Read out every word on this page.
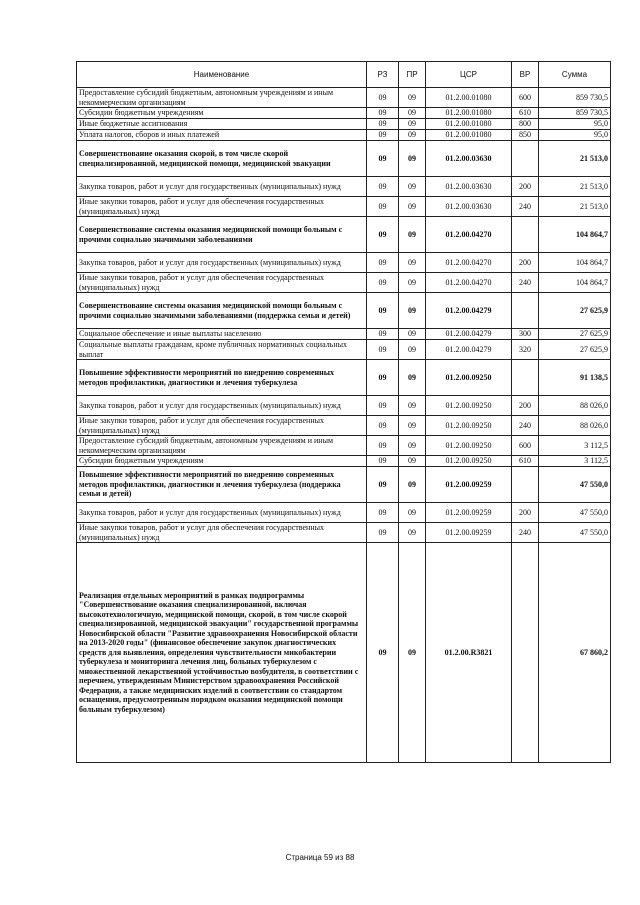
Наименование	РЗ	ПР	ЦСР	ВР	Сумма
Предоставление субсидий бюджетным, автономным учреждениям и иным некоммерческим организациям	09	09	01.2.00.01080	600	859 730,5
Субсидии бюджетным учреждениям	09	09	01.2.00.01080	610	859 730,5
Иные бюджетные ассигнования	09	09	01.2.00.01080	800	95,0
Уплата налогов, сборов и иных платежей	09	09	01.2.00.01080	850	95,0
Совершенствование оказания скорой, в том числе скорой специализированной, медицинской помощи, медицинской эвакуации	09	09	01.2.00.03630		21 513,0
Закупка товаров, работ и услуг для государственных (муниципальных) нужд	09	09	01.2.00.03630	200	21 513,0
Иные закупки товаров, работ и услуг для обеспечения государственных (муниципальных) нужд	09	09	01.2.00.03630	240	21 513,0
Совершенствование системы оказания медицинской помощи больным с прочими социально значимыми заболеваниями	09	09	01.2.00.04270		104 864,7
Закупка товаров, работ и услуг для государственных (муниципальных) нужд	09	09	01.2.00.04270	200	104 864,7
Иные закупки товаров, работ и услуг для обеспечения государственных (муниципальных) нужд	09	09	01.2.00.04270	240	104 864,7
Совершенствование системы оказания медицинской помощи больным с прочими социально значимыми заболеваниями (поддержка семьи и детей)	09	09	01.2.00.04279		27 625,9
Социальное обеспечение и иные выплаты населению	09	09	01.2.00.04279	300	27 625,9
Социальные выплаты гражданам, кроме публичных нормативных социальных выплат	09	09	01.2.00.04279	320	27 625,9
Повышение эффективности мероприятий по внедрению современных методов профилактики, диагностики и лечения туберкулеза	09	09	01.2.00.09250		91 138,5
Закупка товаров, работ и услуг для государственных (муниципальных) нужд	09	09	01.2.00.09250	200	88 026,0
Иные закупки товаров, работ и услуг для обеспечения государственных (муниципальных) нужд	09	09	01.2.00.09250	240	88 026,0
Предоставление субсидий бюджетным, автономным учреждениям и иным некоммерческим организациям	09	09	01.2.00.09250	600	3 112,5
Субсидии бюджетным учреждениям	09	09	01.2.00.09250	610	3 112,5
Повышение эффективности мероприятий по внедрению современных методов профилактики, диагностики и лечения туберкулеза (поддержка семьи и детей)	09	09	01.2.00.09259		47 550,0
Закупка товаров, работ и услуг для государственных (муниципальных) нужд	09	09	01.2.00.09259	200	47 550,0
Иные закупки товаров, работ и услуг для обеспечения государственных (муниципальных) нужд	09	09	01.2.00.09259	240	47 550,0
Реализация отдельных мероприятий в рамках подпрограммы "Совершенствование оказания специализированной, включая высокотехнологичную, медицинской помощи, скорой, в том числе скорой специализированной, медицинской эвакуации" государственной программы Новосибирской области "Развитие здравоохранения Новосибирской области на 2013-2020 годы" (финансовое обеспечение закупок диагностических средств для выявления, определения чувствительности микобактерии туберкулеза и мониторинга лечения лиц, больных туберкулезом с множественной лекарственной устойчивостью возбудителя, в соответствии с перечнем, утвержденным Министерством здравоохранения Российской Федерации, а также медицинских изделий в соответствии со стандартом оснащения, предусмотренным порядком оказания медицинской помощи больным туберкулезом)	09	09	01.2.00.R3821		67 860,2
Страница 59 из 88
